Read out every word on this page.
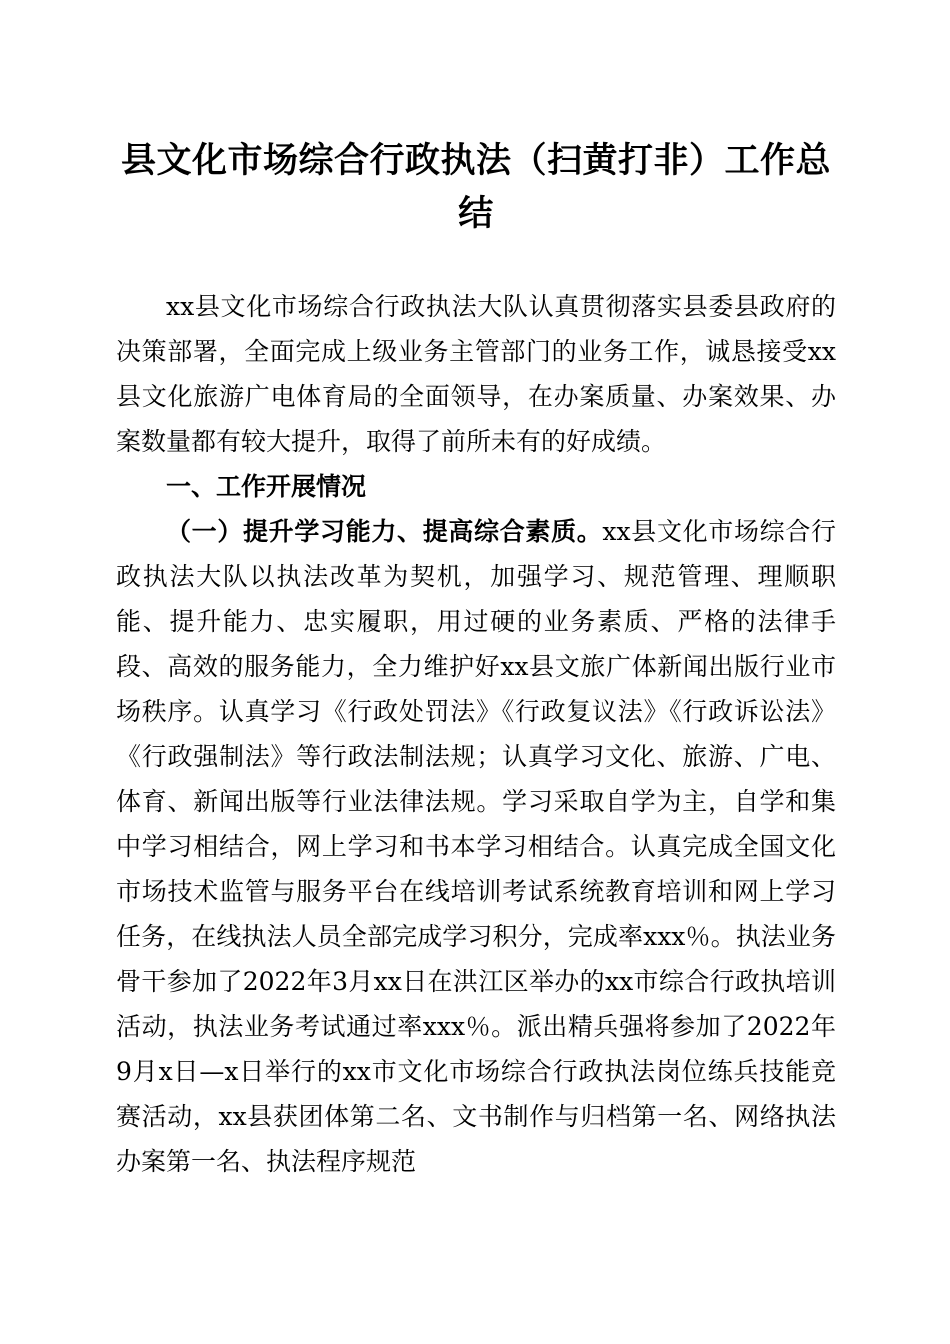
县文化市场综合行政执法（扫黄打非）工作总结

xx县文化市场综合行政执法大队认真贯彻落实县委县政府的决策部署，全面完成上级业务主管部门的业务工作，诚恳接受xx县文化旅游广电体育局的全面领导，在办案质量、办案效果、办案数量都有较大提升，取得了前所未有的好成绩。

一、工作开展情况

（一）提升学习能力、提高综合素质。xx县文化市场综合行政执法大队以执法改革为契机，加强学习、规范管理、理顺职能、提升能力、忠实履职，用过硬的业务素质、严格的法律手段、高效的服务能力，全力维护好xx县文旅广体新闻出版行业市场秩序。认真学习《行政处罚法》《行政复议法》《行政诉讼法》《行政强制法》等行政法制法规；认真学习文化、旅游、广电、体育、新闻出版等行业法律法规。学习采取自学为主，自学和集中学习相结合，网上学习和书本学习相结合。认真完成全国文化市场技术监管与服务平台在线培训考试系统教育培训和网上学习任务，在线执法人员全部完成学习积分，完成率xxx％。执法业务骨干参加了2022年3月xx日在洪江区举办的xx市综合行政执培训活动，执法业务考试通过率xxx％。派出精兵强将参加了2022年9月x日—x日举行的xx市文化市场综合行政执法岗位练兵技能竞赛活动，xx县获团体第二名、文书制作与归档第一名、网络执法办案第一名、执法程序规范
